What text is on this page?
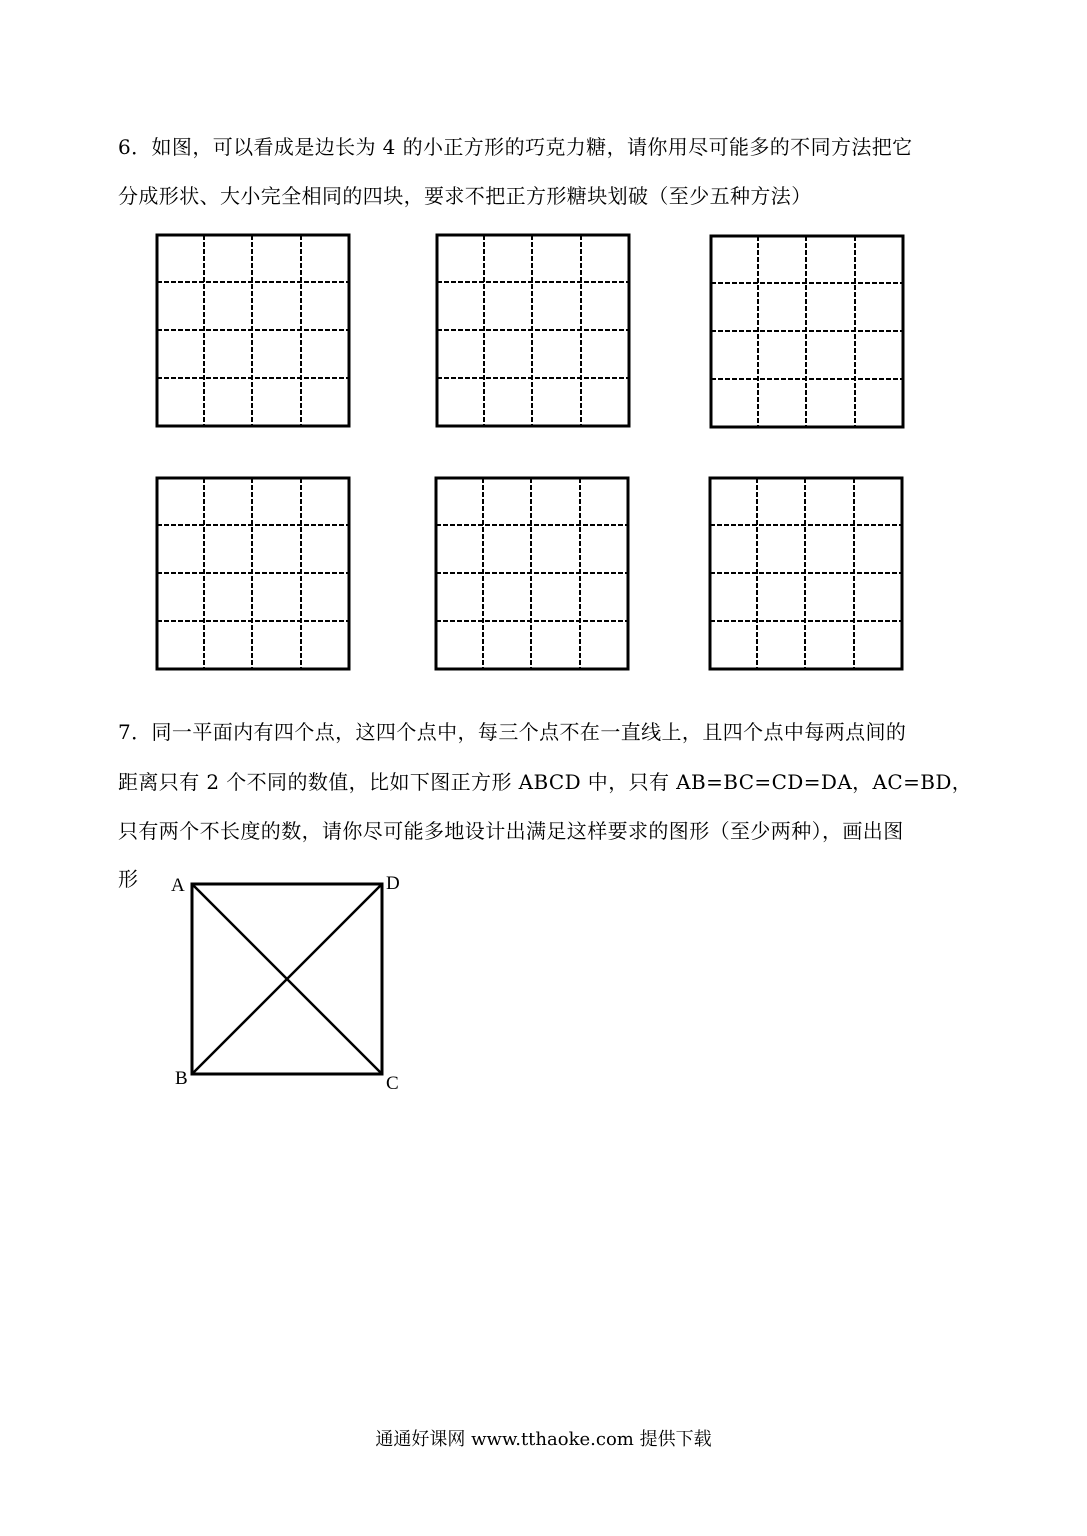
6．如图，可以看成是边长为 4 的小正方形的巧克力糖，请你用尽可能多的不同方法把它
分成形状、大小完全相同的四块，要求不把正方形糖块划破（至少五种方法）
7．同一平面内有四个点，这四个点中，每三个点不在一直线上，且四个点中每两点间的
距离只有 2 个不同的数值，比如下图正方形 ABCD 中，只有 AB=BC=CD=DA，AC=BD，
只有两个不长度的数，请你尽可能多地设计出满足这样要求的图形（至少两种），画出图
形 A	D
B	C
通通好课网 www.tthaoke.com 提供下载
